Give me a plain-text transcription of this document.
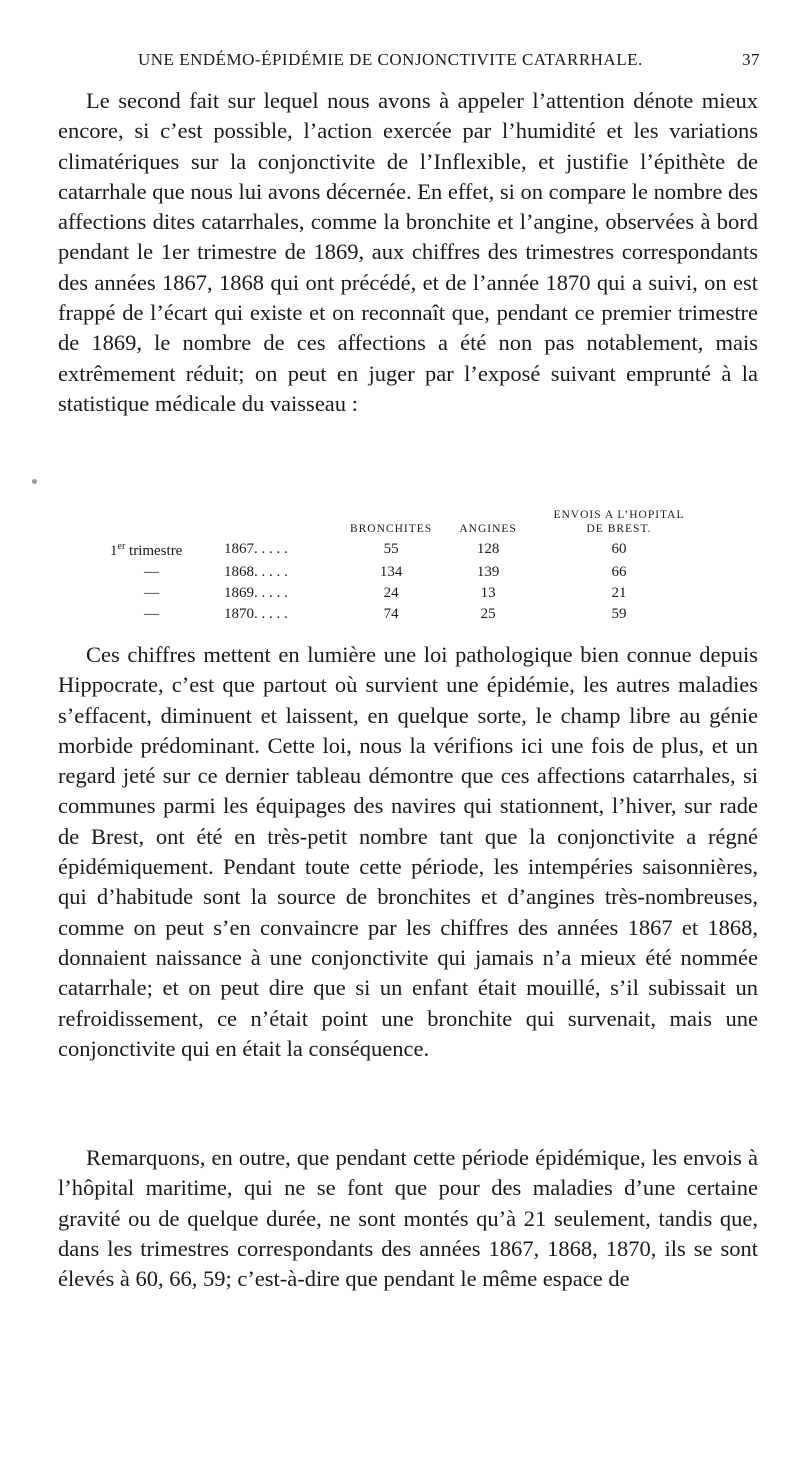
UNE ENDÉMO-ÉPIDÉMIE DE CONJONCTIVITE CATARRHALE.	37

Le second fait sur lequel nous avons à appeler l’attention dénote mieux encore, si c’est possible, l’action exercée par l’humidité et les variations climatériques sur la conjonctivite de l’Inflexible, et justifie l’épithète de catarrhale que nous lui avons décernée. En effet, si on compare le nombre des affections dites catarrhales, comme la bronchite et l’angine, observées à bord pendant le 1er trimestre de 1869, aux chiffres des trimestres correspondants des années 1867, 1868 qui ont précédé, et de l’année 1870 qui a suivi, on est frappé de l’écart qui existe et on reconnaît que, pendant ce premier trimestre de 1869, le nombre de ces affections a été non pas notablement, mais extrêmement réduit; on peut en juger par l’exposé suivant emprunté à la statistique médicale du vaisseau :

		BRONCHITES	ANGINES	ENVOIS A L’HOPITAL
DE BREST.

1er trimestre	1867. . . . .	55	128	60
—	1868. . . . .	134	139	66
—	1869. . . . .	24	13	21
—	1870. . . . .	74	25	59

Ces chiffres mettent en lumière une loi pathologique bien connue depuis Hippocrate, c’est que partout où survient une épidémie, les autres maladies s’effacent, diminuent et laissent, en quelque sorte, le champ libre au génie morbide prédominant. Cette loi, nous la vérifions ici une fois de plus, et un regard jeté sur ce dernier tableau démontre que ces affections catarrhales, si communes parmi les équipages des navires qui stationnent, l’hiver, sur rade de Brest, ont été en très-petit nombre tant que la conjonctivite a régné épidémiquement. Pendant toute cette période, les intempéries saisonnières, qui d’habitude sont la source de bronchites et d’angines très-nombreuses, comme on peut s’en convaincre par les chiffres des années 1867 et 1868, donnaient naissance à une conjonctivite qui jamais n’a mieux été nommée catarrhale; et on peut dire que si un enfant était mouillé, s’il subissait un refroidissement, ce n’était point une bronchite qui survenait, mais une conjonctivite qui en était la conséquence.

Remarquons, en outre, que pendant cette période épidémique, les envois à l’hôpital maritime, qui ne se font que pour des maladies d’une certaine gravité ou de quelque durée, ne sont montés qu’à 21 seulement, tandis que, dans les trimestres correspondants des années 1867, 1868, 1870, ils se sont élevés à 60, 66, 59; c’est-à-dire que pendant le même espace de
